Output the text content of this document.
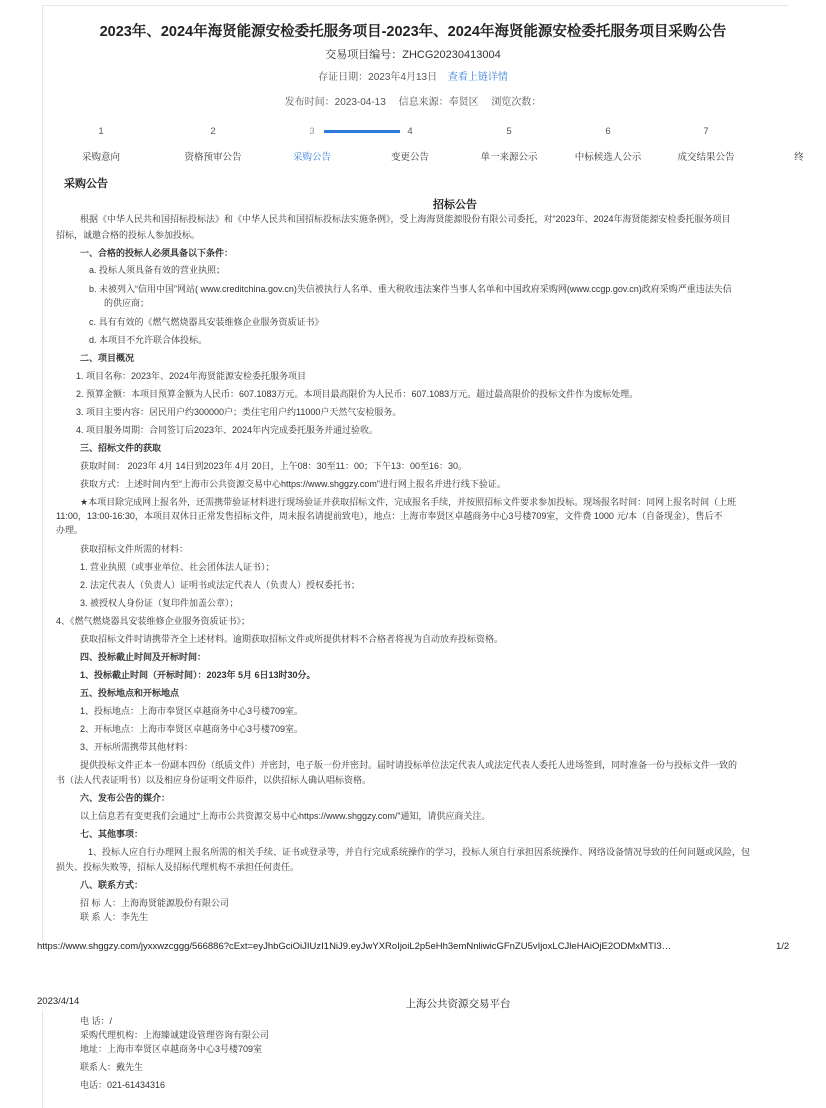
2023年、2024年海贤能源安检委托服务项目-2023年、2024年海贤能源安检委托服务项目采购公告
交易项目编号：ZHCG20230413004
存证日期：2023年4月13日 查看上链详情
发布时间：2023-04-13 信息来源：奉贤区 浏览次数：
1
采购意向
2
资格预审公告
3
采购公告
4
变更公告
5
单一来源公示
6
中标候选人公示
7
成交结果公告	终
采购公告
招标公告
根据《中华人民共和国招标投标法》和《中华人民共和国招标投标法实施条例》，受上海海贤能源股份有限公司委托，对“2023年、2024年海贤能源安检委托服务项目
招标，诚邀合格的投标人参加投标。
一、合格的投标人必须具备以下条件：
a. 投标人须具备有效的营业执照；
b. 未被列入“信用中国”网站( www.creditchina.gov.cn)失信被执行人名单、重大税收违法案件当事人名单和中国政府采购网(www.ccgp.gov.cn)政府采购严重违法失信
的供应商；
c. 具有有效的《燃气燃烧器具安装维修企业服务资质证书》
d. 本项目不允许联合体投标。
二、项目概况
1. 项目名称：2023年、2024年海贤能源安检委托服务项目
2. 预算金额：本项目预算金额为人民币：607.1083万元。本项目最高限价为人民币：607.1083万元。超过最高限价的投标文件作为废标处理。
3. 项目主要内容：居民用户约300000户；类住宅用户约11000户天然气安检服务。
4. 项目服务周期：合同签订后2023年、2024年内完成委托服务并通过验收。
三、招标文件的获取
获取时间： 2023年 4月 14日到2023年 4月 20日，上午08：30至11：00；下午13：00至16：30。
获取方式：上述时间内至“上海市公共资源交易中心https://www.shggzy.com”进行网上报名并进行线下验证。
★本项目除完成网上报名外，还需携带验证材料进行现场验证并获取招标文件，完成报名手续，并按照招标文件要求参加投标。现场报名时间：同网上报名时间（上班
11:00，13:00-16:30，本项目双休日正常发售招标文件，周末报名请提前致电），地点：上海市奉贤区卓越商务中心3号楼709室，文件费 1000 元/本（自备现金），售后不
办理。
获取招标文件所需的材料：
1. 营业执照（或事业单位、社会团体法人证书）；
2. 法定代表人（负责人）证明书或法定代表人（负责人）授权委托书；
3. 被授权人身份证（复印件加盖公章）；
4、《燃气燃烧器具安装维修企业服务资质证书》；
获取招标文件时请携带齐全上述材料。逾期获取招标文件或所提供材料不合格者将视为自动放弃投标资格。
四、投标截止时间及开标时间：
1、投标截止时间（开标时间）：2023年 5月 6日13时30分。
五、投标地点和开标地点
1、投标地点：上海市奉贤区卓越商务中心3号楼709室。
2、开标地点：上海市奉贤区卓越商务中心3号楼709室。
3、开标所需携带其他材料：
提供投标文件正本一份副本四份（纸质文件）并密封，电子版一份并密封。届时请投标单位法定代表人或法定代表人委托人进场签到，同时准备一份与投标文件一致的
书（法人代表证明书）以及相应身份证明文件原件，以供招标人确认唱标资格。
六、发布公告的媒介：
以上信息若有变更我们会通过“上海市公共资源交易中心https://www.shggzy.com/”通知，请供应商关注。
七、其他事项：
1、投标人应自行办理网上报名所需的相关手续、证书或登录等，并自行完成系统操作的学习，投标人须自行承担因系统操作、网络设备情况导致的任何问题或风险，包
损失、投标失败等，招标人及招标代理机构不承担任何责任。
八、联系方式：
招 标 人：上海海贤能源股份有限公司
联 系 人：李先生
https://www.shggzy.com/jyxxwzcggg/566886?cExt=eyJhbGciOiJIUzI1NiJ9.eyJwYXRoIjoiL2p5eHh3emNnliwicGFnZU5vIjoxLCJleHAiOjE2ODMxMTI3…	1/2
2023/4/14	上海公共资源交易平台
电 话：/
采购代理机构：上海臻诚建设管理咨询有限公司
地址：上海市奉贤区卓越商务中心3号楼709室
联系人：戴先生
电话：021-61434316
